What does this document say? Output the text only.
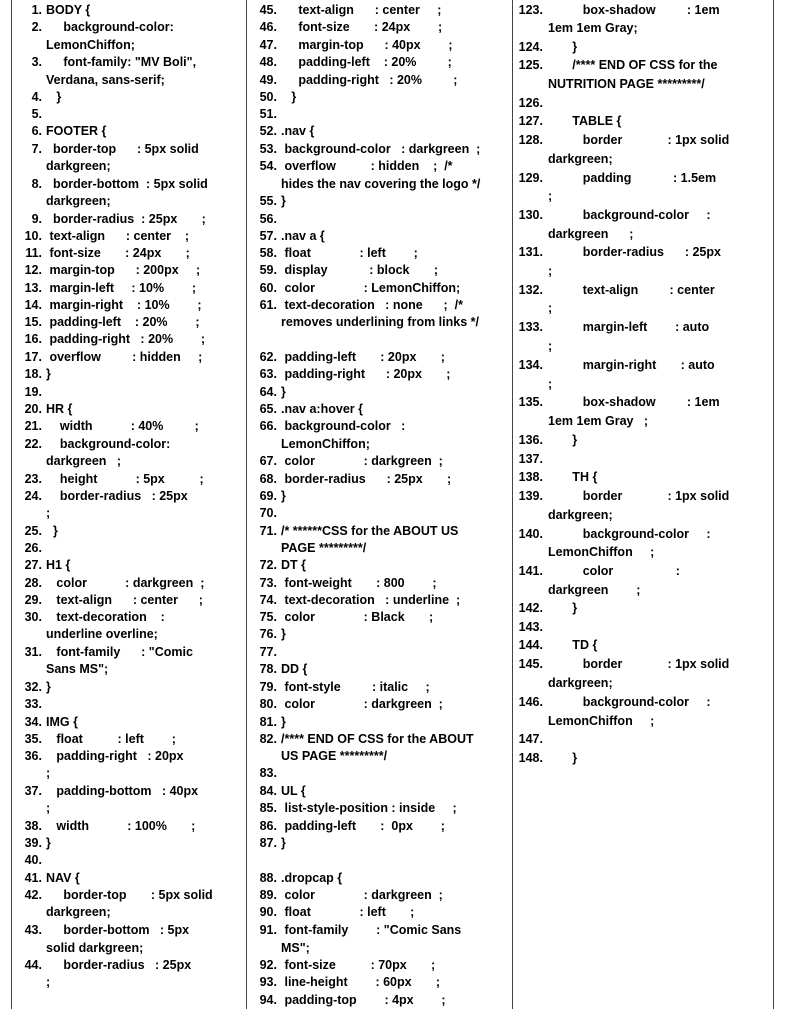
1. BODY {
2. background-color:
LemonChiffon;
3. font-family: "MV Boli",
Verdana, sans-serif;
4. }
5.
6. FOOTER {
7. border-top      : 5px solid
darkgreen;
8. border-bottom  : 5px solid
darkgreen;
9. border-radius  : 25px       ;
10. text-align      : center    ;
11. font-size       : 24px       ;
12. margin-top      : 200px     ;
13. margin-left     : 10%        ;
14. margin-right    : 10%        ;
15. padding-left    : 20%        ;
16. padding-right   : 20%        ;
17. overflow         : hidden     ;
18. }
19.
20. HR {
21. width           : 40%         ;
22. background-color:
darkgreen   ;
23. height           : 5px          ;
24. border-radius   : 25px
;
25. }
26.
27. H1 {
28. color           : darkgreen  ;
29. text-align      : center      ;
30. text-decoration    :
underline overline;
31. font-family      : "Comic
Sans MS";
32. }
33.
34. IMG {
35. float          : left        ;
36. padding-right   : 20px
;
37. padding-bottom   : 40px
;
38. width           : 100%       ;
39. }
40.
41. NAV {
42. border-top       : 5px solid
darkgreen;
43. border-bottom   : 5px
solid darkgreen;
44. border-radius   : 25px
;
45. text-align      : center     ;
46. font-size       : 24px        ;
47. margin-top      : 40px        ;
48. padding-left    : 20%         ;
49. padding-right   : 20%         ;
50. }
51.
52. .nav {
53. background-color   : darkgreen  ;
54. overflow          : hidden    ;  /*
hides the nav covering the logo */
55. }
56.
57. .nav a {
58. float              : left        ;
59. display            : block       ;
60. color              : LemonChiffon;
61. text-decoration   : none      ;  /*
removes underlining from links */
62. padding-left       : 20px       ;
63. padding-right      : 20px       ;
64. }
65. .nav a:hover {
66. background-color   :
LemonChiffon;
67. color              : darkgreen  ;
68. border-radius      : 25px       ;
69. }
70.
71. /* ******CSS for the ABOUT US
PAGE *********/
72. DT {
73. font-weight       : 800        ;
74. text-decoration   : underline  ;
75. color              : Black       ;
76. }
77.
78. DD {
79. font-style         : italic     ;
80. color              : darkgreen  ;
81. }
82. /**** END OF CSS for the ABOUT
US PAGE *********/
83.
84. UL {
85. list-style-position : inside     ;
86. padding-left       :  0px        ;
87. }
88. .dropcap {
89. color              : darkgreen  ;
90. float              : left       ;
91. font-family        : "Comic Sans
MS";
92. font-size          : 70px       ;
93. line-height        : 60px       ;
94. padding-top        : 4px        ;
123. box-shadow         : 1em
1em 1em Gray;
124. }
125. /**** END OF CSS for the
NUTRITION PAGE *********/
126.
127. TABLE {
128. border             : 1px solid
darkgreen;
129. padding            : 1.5em
;
130. background-color     :
darkgreen      ;
131. border-radius      : 25px
;
132. text-align         : center
;
133. margin-left        : auto
;
134. margin-right       : auto
;
135. box-shadow         : 1em
1em 1em Gray   ;
136. }
137.
138. TH {
139. border             : 1px solid
darkgreen;
140. background-color     :
LemonChiffon     ;
141. color                  :
darkgreen        ;
142. }
143.
144. TD {
145. border             : 1px solid
darkgreen;
146. background-color     :
LemonChiffon     ;
147.
148. }
